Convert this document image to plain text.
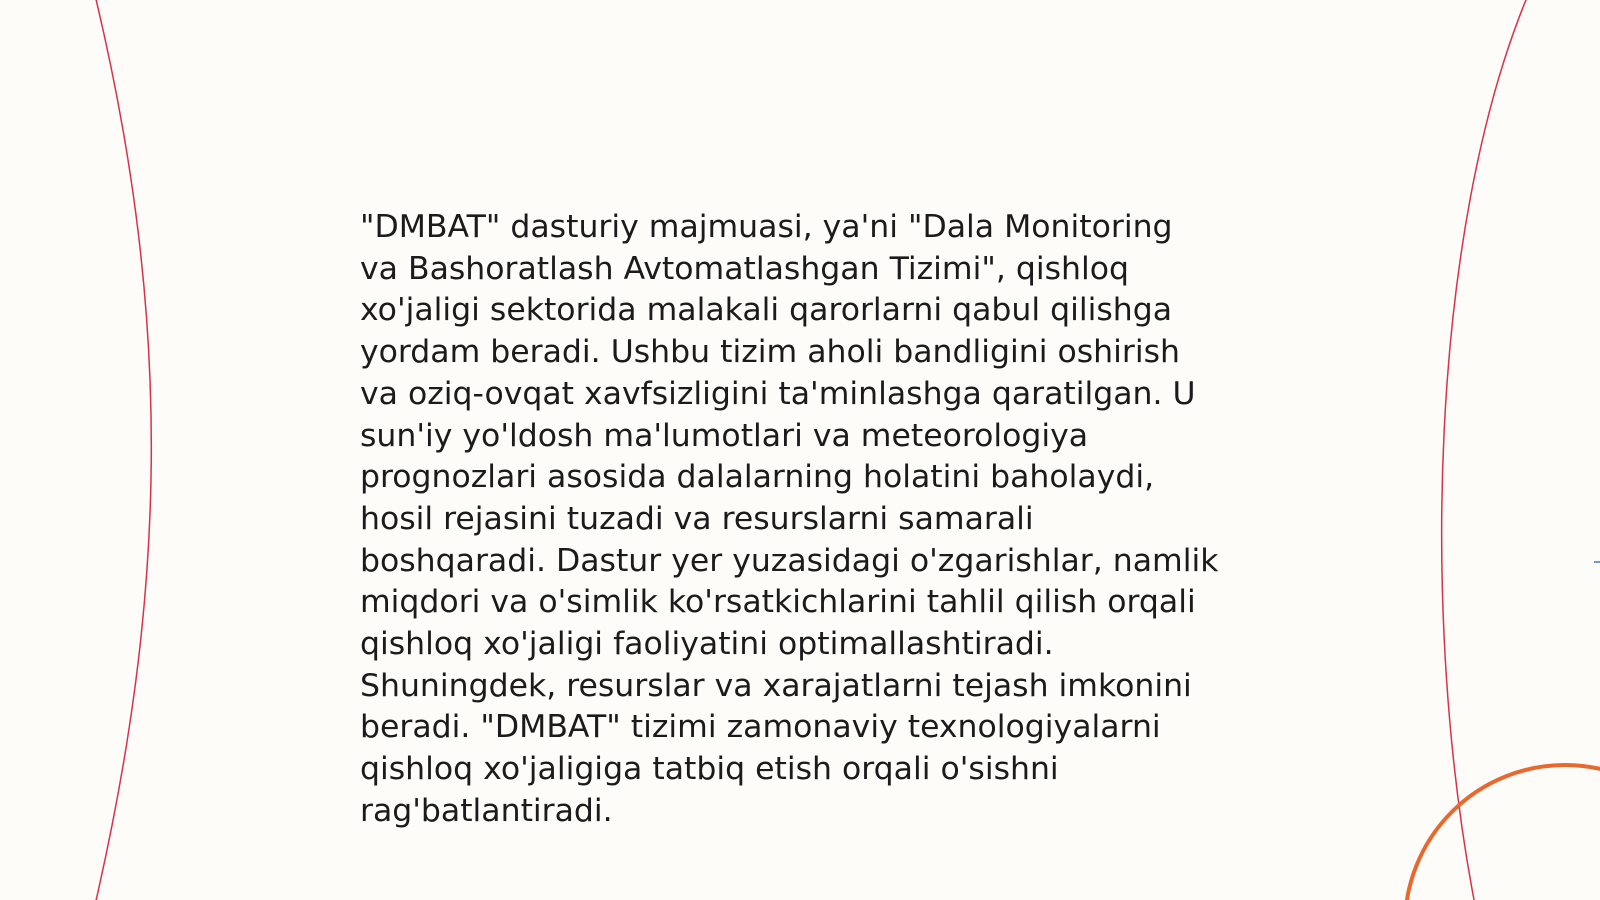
"DMBAT" dasturiy majmuasi, ya'ni "Dala Monitoring
va Bashoratlash Avtomatlashgan Tizimi", qishloq
xo'jaligi sektorida malakali qarorlarni qabul qilishga
yordam beradi. Ushbu tizim aholi bandligini oshirish
va oziq-ovqat xavfsizligini ta'minlashga qaratilgan. U
sun'iy yo'ldosh ma'lumotlari va meteorologiya
prognozlari asosida dalalarning holatini baholaydi,
hosil rejasini tuzadi va resurslarni samarali
boshqaradi. Dastur yer yuzasidagi o'zgarishlar, namlik
miqdori va o'simlik ko'rsatkichlarini tahlil qilish orqali
qishloq xo'jaligi faoliyatini optimallashtiradi.
Shuningdek, resurslar va xarajatlarni tejash imkonini
beradi. "DMBAT" tizimi zamonaviy texnologiyalarni
qishloq xo'jaligiga tatbiq etish orqali o'sishni
rag'batlantiradi.
